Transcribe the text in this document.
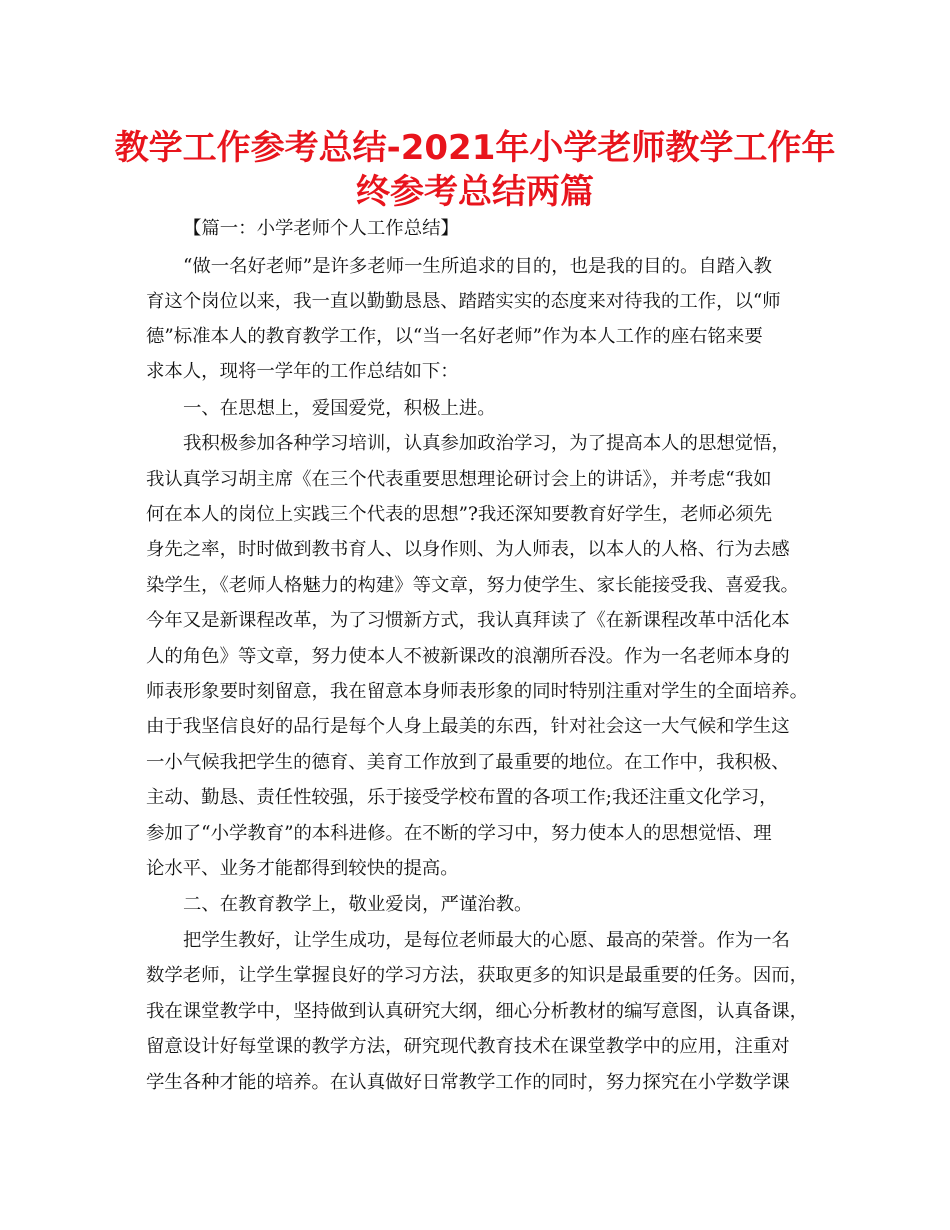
教学工作参考总结-2021年小学老师教学工作年
终参考总结两篇
【篇一：小学老师个人工作总结】
“做一名好老师”是许多老师一生所追求的目的，也是我的目的。自踏入教
育这个岗位以来，我一直以勤勤恳恳、踏踏实实的态度来对待我的工作，以“师
德”标准本人的教育教学工作，以“当一名好老师”作为本人工作的座右铭来要
求本人，现将一学年的工作总结如下：
一、在思想上，爱国爱党，积极上进。
我积极参加各种学习培训，认真参加政治学习，为了提高本人的思想觉悟，
我认真学习胡主席《在三个代表重要思想理论研讨会上的讲话》，并考虑“我如
何在本人的岗位上实践三个代表的思想”?我还深知要教育好学生，老师必须先
身先之率，时时做到教书育人、以身作则、为人师表，以本人的人格、行为去感
染学生，《老师人格魅力的构建》等文章，努力使学生、家长能接受我、喜爱我。
今年又是新课程改革，为了习惯新方式，我认真拜读了《在新课程改革中活化本
人的角色》等文章，努力使本人不被新课改的浪潮所吞没。作为一名老师本身的
师表形象要时刻留意，我在留意本身师表形象的同时特别注重对学生的全面培养。
由于我坚信良好的品行是每个人身上最美的东西，针对社会这一大气候和学生这
一小气候我把学生的德育、美育工作放到了最重要的地位。在工作中，我积极、
主动、勤恳、责任性较强，乐于接受学校布置的各项工作;我还注重文化学习，
参加了“小学教育”的本科进修。在不断的学习中，努力使本人的思想觉悟、理
论水平、业务才能都得到较快的提高。
二、在教育教学上，敬业爱岗，严谨治教。
把学生教好，让学生成功，是每位老师最大的心愿、最高的荣誉。作为一名
数学老师，让学生掌握良好的学习方法，获取更多的知识是最重要的任务。因而，
我在课堂教学中，坚持做到认真研究大纲，细心分析教材的编写意图，认真备课，
留意设计好每堂课的教学方法，研究现代教育技术在课堂教学中的应用，注重对
学生各种才能的培养。在认真做好日常教学工作的同时，努力探究在小学数学课
